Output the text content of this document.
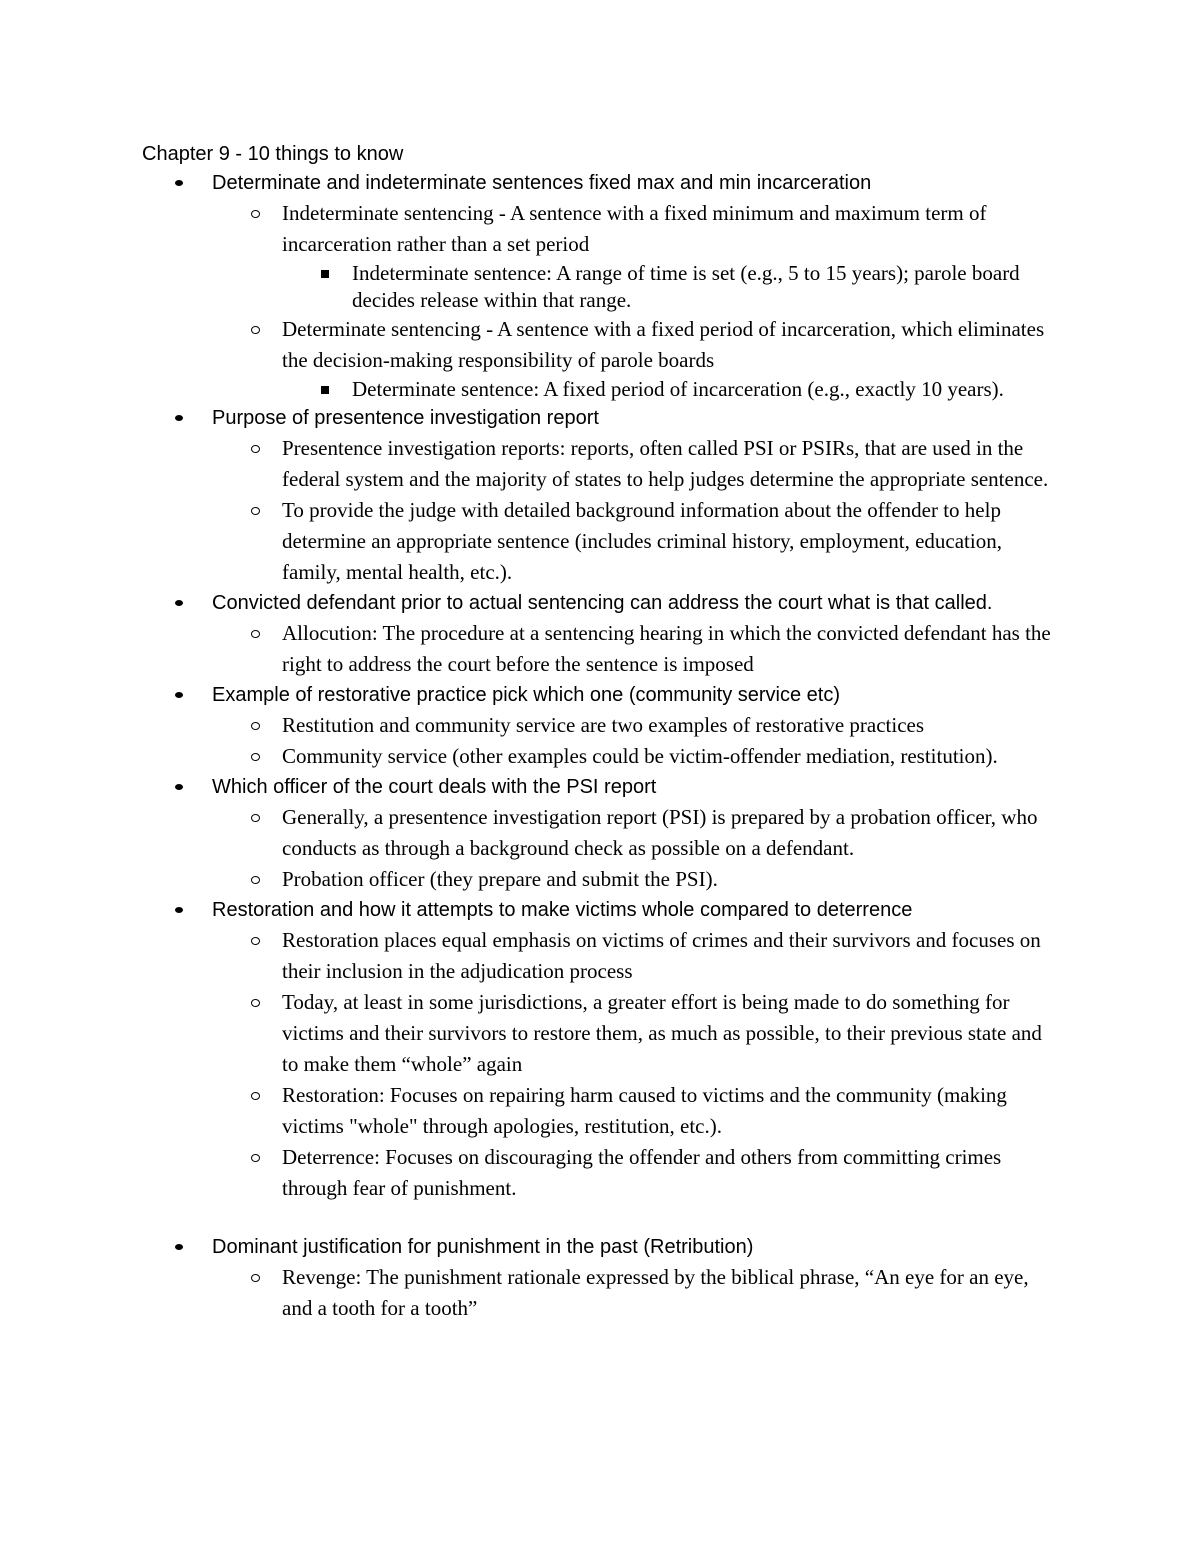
Chapter 9 - 10 things to know
Determinate and indeterminate sentences fixed max and min incarceration
Indeterminate sentencing - A sentence with a fixed minimum and maximum term of incarceration rather than a set period
Indeterminate sentence: A range of time is set (e.g., 5 to 15 years); parole board decides release within that range.
Determinate sentencing - A sentence with a fixed period of incarceration, which eliminates the decision-making responsibility of parole boards
Determinate sentence: A fixed period of incarceration (e.g., exactly 10 years).
Purpose of presentence investigation report
Presentence investigation reports: reports, often called PSI or PSIRs, that are used in the federal system and the majority of states to help judges determine the appropriate sentence.
To provide the judge with detailed background information about the offender to help determine an appropriate sentence (includes criminal history, employment, education, family, mental health, etc.).
Convicted defendant prior to actual sentencing can address the court what is that called.
Allocution: The procedure at a sentencing hearing in which the convicted defendant has the right to address the court before the sentence is imposed
Example of restorative practice pick which one (community service etc)
Restitution and community service are two examples of restorative practices
Community service (other examples could be victim-offender mediation, restitution).
Which officer of the court deals with the PSI report
Generally, a presentence investigation report (PSI) is prepared by a probation officer, who conducts as through a background check as possible on a defendant.
Probation officer (they prepare and submit the PSI).
Restoration and how it attempts to make victims whole compared to deterrence
Restoration places equal emphasis on victims of crimes and their survivors and focuses on their inclusion in the adjudication process
Today, at least in some jurisdictions, a greater effort is being made to do something for victims and their survivors to restore them, as much as possible, to their previous state and to make them “whole” again
Restoration: Focuses on repairing harm caused to victims and the community (making victims "whole" through apologies, restitution, etc.).
Deterrence: Focuses on discouraging the offender and others from committing crimes through fear of punishment.
Dominant justification for punishment in the past (Retribution)
Revenge: The punishment rationale expressed by the biblical phrase, “An eye for an eye, and a tooth for a tooth”
